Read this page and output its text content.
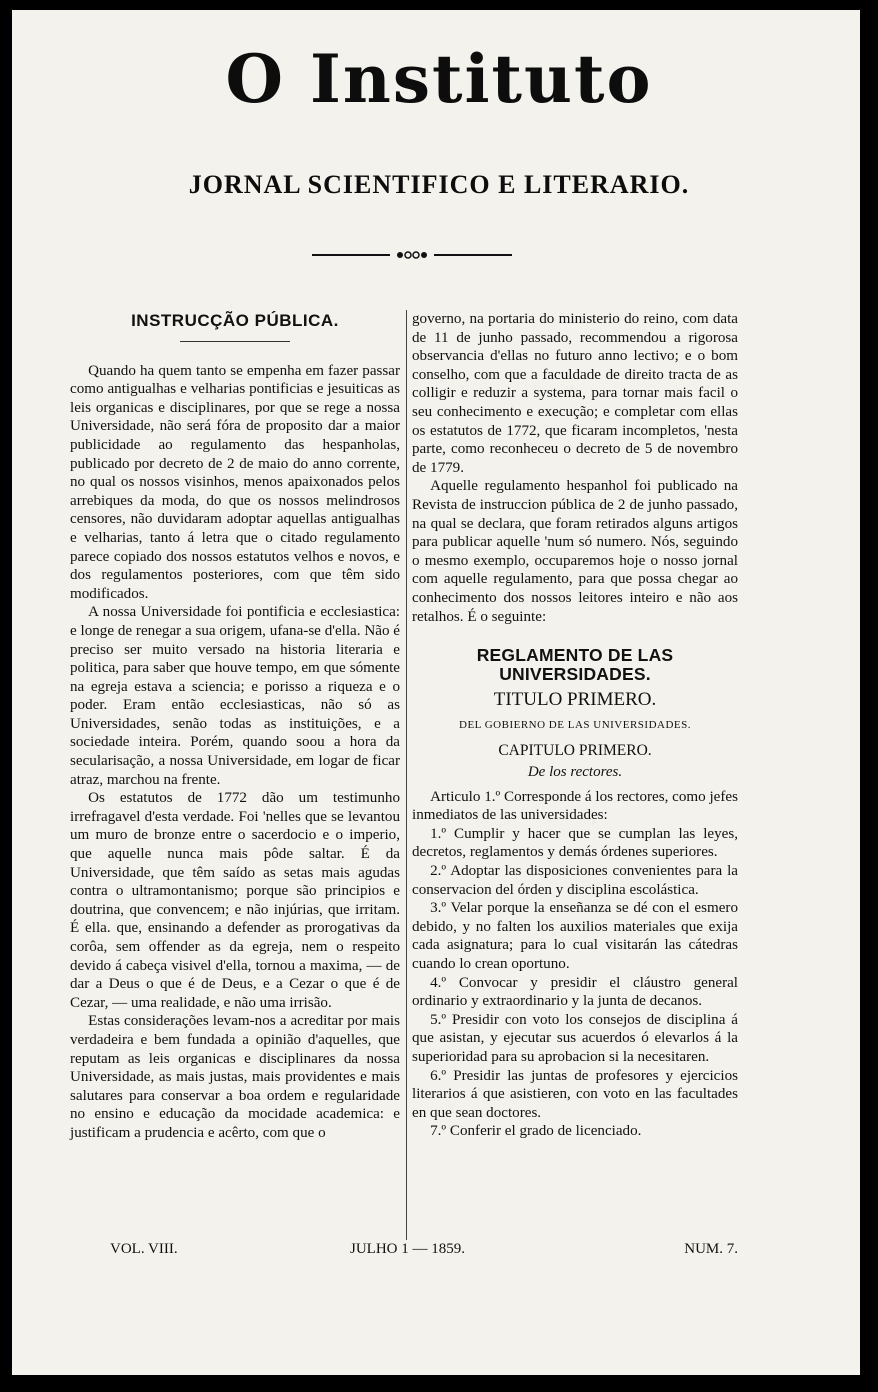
O Instituto
JORNAL SCIENTIFICO E LITERARIO.
INSTRUCÇÃO PÚBLICA.

Quando ha quem tanto se empenha em fazer passar como antigualhas e velharias pontificias e jesuiticas as leis organicas e disciplinares, por que se rege a nossa Universidade, não será fóra de proposito dar a maior publicidade ao regulamento das hespanholas, publicado por decreto de 2 de maio do anno corrente, no qual os nossos visinhos, menos apaixonados pelos arrebiques da moda, do que os nossos melindrosos censores, não duvidaram adoptar aquellas antigualhas e velharias, tanto á letra que o citado regulamento parece copiado dos nossos estatutos velhos e novos, e dos regulamentos posteriores, com que têm sido modificados.

A nossa Universidade foi pontificia e ecclesiastica: e longe de renegar a sua origem, ufana-se d'ella. Não é preciso ser muito versado na historia literaria e politica, para saber que houve tempo, em que sómente na egreja estava a sciencia; e porisso a riqueza e o poder. Eram então ecclesiasticas, não só as Universidades, senão todas as instituições, e a sociedade inteira. Porém, quando soou a hora da secularisação, a nossa Universidade, em logar de ficar atraz, marchou na frente.

Os estatutos de 1772 dão um testimunho irrefragavel d'esta verdade. Foi 'nelles que se levantou um muro de bronze entre o sacerdocio e o imperio, que aquelle nunca mais pôde saltar. É da Universidade, que têm saído as setas mais agudas contra o ultramontanismo; porque são principios e doutrina, que convencem; e não injúrias, que irritam. É ella. que, ensinando a defender as prorogativas da corôa, sem offender as da egreja, nem o respeito devido á cabeça visivel d'ella, tornou a maxima, — de dar a Deus o que é de Deus, e a Cezar o que é de Cezar, — uma realidade, e não uma irrisão.

Estas considerações levam-nos a acreditar por mais verdadeira e bem fundada a opinião d'aquelles, que reputam as leis organicas e disciplinares da nossa Universidade, as mais justas, mais providentes e mais salutares para conservar a boa ordem e regularidade no ensino e educação da mocidade academica: e justificam a prudencia e acêrto, com que o

governo, na portaria do ministerio do reino, com data de 11 de junho passado, recommendou a rigorosa observancia d'ellas no futuro anno lectivo; e o bom conselho, com que a faculdade de direito tracta de as colligir e reduzir a systema, para tornar mais facil o seu conhecimento e execução; e completar com ellas os estatutos de 1772, que ficaram incompletos, 'nesta parte, como reconheceu o decreto de 5 de novembro de 1779.

Aquelle regulamento hespanhol foi publicado na Revista de instruccion pública de 2 de junho passado, na qual se declara, que foram retirados alguns artigos para publicar aquelle 'num só numero. Nós, seguindo o mesmo exemplo, occuparemos hoje o nosso jornal com aquelle regulamento, para que possa chegar ao conhecimento dos nossos leitores inteiro e não aos retalhos. É o seguinte:

REGLAMENTO DE LAS UNIVERSIDADES.
TITULO PRIMERO.
DEL GOBIERNO DE LAS UNIVERSIDADES.
CAPITULO PRIMERO.
De los rectores.

Articulo 1.º Corresponde á los rectores, como jefes inmediatos de las universidades:

1.º Cumplir y hacer que se cumplan las leyes, decretos, reglamentos y demás órdenes superiores.

2.º Adoptar las disposiciones convenientes para la conservacion del órden y disciplina escolástica.

3.º Velar porque la enseñanza se dé con el esmero debido, y no falten los auxilios materiales que exija cada asignatura; para lo cual visitarán las cátedras cuando lo crean oportuno.

4.º Convocar y presidir el cláustro general ordinario y extraordinario y la junta de decanos.

5.º Presidir con voto los consejos de disciplina á que asistan, y ejecutar sus acuerdos ó elevarlos á la superioridad para su aprobacion si la necesitaren.

6.º Presidir las juntas de profesores y ejercicios literarios á que asistieren, con voto en las facultades en que sean doctores.

7.º Conferir el grado de licenciado.

VOL. VIII.	JULHO 1 — 1859.	NUM. 7.
